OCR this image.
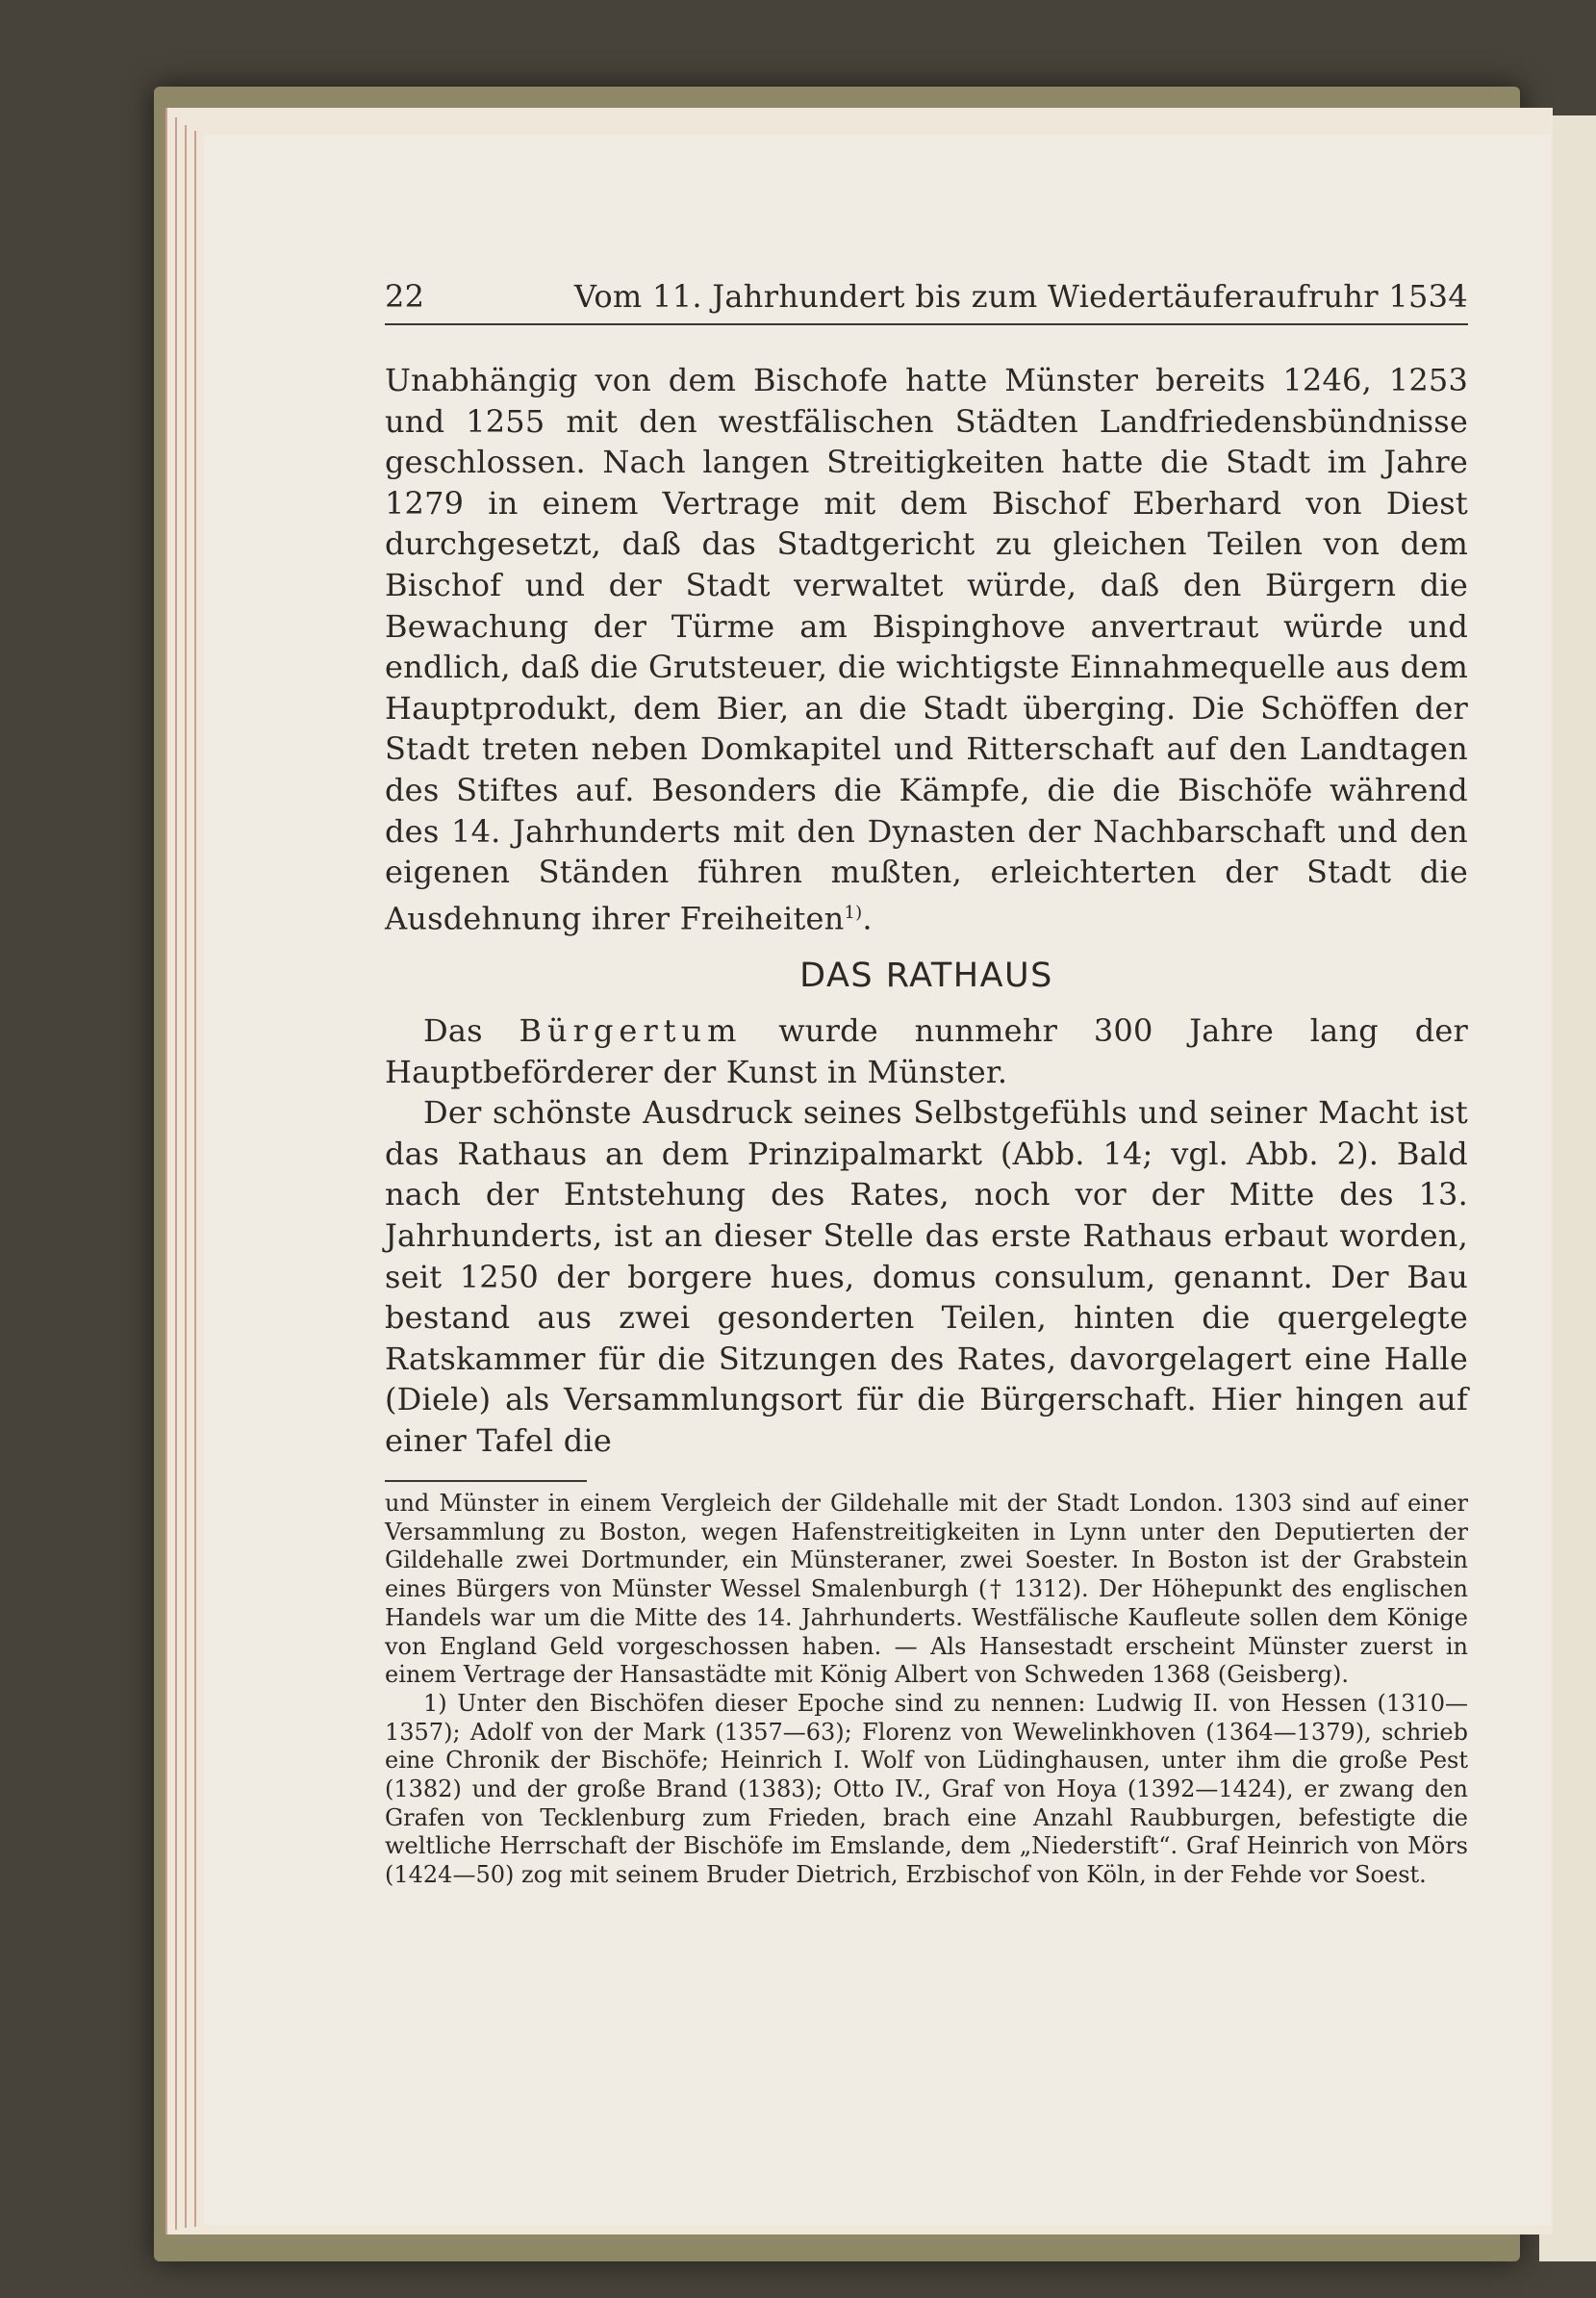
22	Vom 11. Jahrhundert bis zum Wiedertäuferaufruhr 1534

Unabhängig von dem Bischofe hatte Münster bereits 1246, 1253 und 1255 mit den westfälischen Städten Landfriedensbündnisse geschlossen. Nach langen Streitigkeiten hatte die Stadt im Jahre 1279 in einem Vertrage mit dem Bischof Eberhard von Diest durchgesetzt, daß das Stadtgericht zu gleichen Teilen von dem Bischof und der Stadt verwaltet würde, daß den Bürgern die Bewachung der Türme am Bispinghove anvertraut würde und endlich, daß die Grutsteuer, die wichtigste Einnahmequelle aus dem Hauptprodukt, dem Bier, an die Stadt überging. Die Schöffen der Stadt treten neben Domkapitel und Ritterschaft auf den Landtagen des Stiftes auf. Besonders die Kämpfe, die die Bischöfe während des 14. Jahrhunderts mit den Dynasten der Nachbarschaft und den eigenen Ständen führen mußten, erleichterten der Stadt die Ausdehnung ihrer Freiheiten$^{1)}$.

DAS RATHAUS

Das Bürgertum wurde nunmehr 300 Jahre lang der Hauptbeförderer der Kunst in Münster.

Der schönste Ausdruck seines Selbstgefühls und seiner Macht ist das Rathaus an dem Prinzipalmarkt (Abb. 14; vgl. Abb. 2). Bald nach der Entstehung des Rates, noch vor der Mitte des 13. Jahrhunderts, ist an dieser Stelle das erste Rathaus erbaut worden, seit 1250 der borgere hues, domus consulum, genannt. Der Bau bestand aus zwei gesonderten Teilen, hinten die quergelegte Ratskammer für die Sitzungen des Rates, davorgelagert eine Halle (Diele) als Versammlungsort für die Bürgerschaft. Hier hingen auf einer Tafel die

und Münster in einem Vergleich der Gildehalle mit der Stadt London. 1303 sind auf einer Versammlung zu Boston, wegen Hafenstreitigkeiten in Lynn unter den Deputierten der Gildehalle zwei Dortmunder, ein Münsteraner, zwei Soester. In Boston ist der Grabstein eines Bürgers von Münster Wessel Smalenburgh († 1312). Der Höhepunkt des englischen Handels war um die Mitte des 14. Jahrhunderts. Westfälische Kaufleute sollen dem Könige von England Geld vorgeschossen haben. — Als Hansestadt erscheint Münster zuerst in einem Vertrage der Hansastädte mit König Albert von Schweden 1368 (Geisberg).

1) Unter den Bischöfen dieser Epoche sind zu nennen: Ludwig II. von Hessen (1310—1357); Adolf von der Mark (1357—63); Florenz von Wewelinkhoven (1364—1379), schrieb eine Chronik der Bischöfe; Heinrich I. Wolf von Lüdinghausen, unter ihm die große Pest (1382) und der große Brand (1383); Otto IV., Graf von Hoya (1392—1424), er zwang den Grafen von Tecklenburg zum Frieden, brach eine Anzahl Raubburgen, befestigte die weltliche Herrschaft der Bischöfe im Emslande, dem „Niederstift“. Graf Heinrich von Mörs (1424—50) zog mit seinem Bruder Dietrich, Erzbischof von Köln, in der Fehde vor Soest.
